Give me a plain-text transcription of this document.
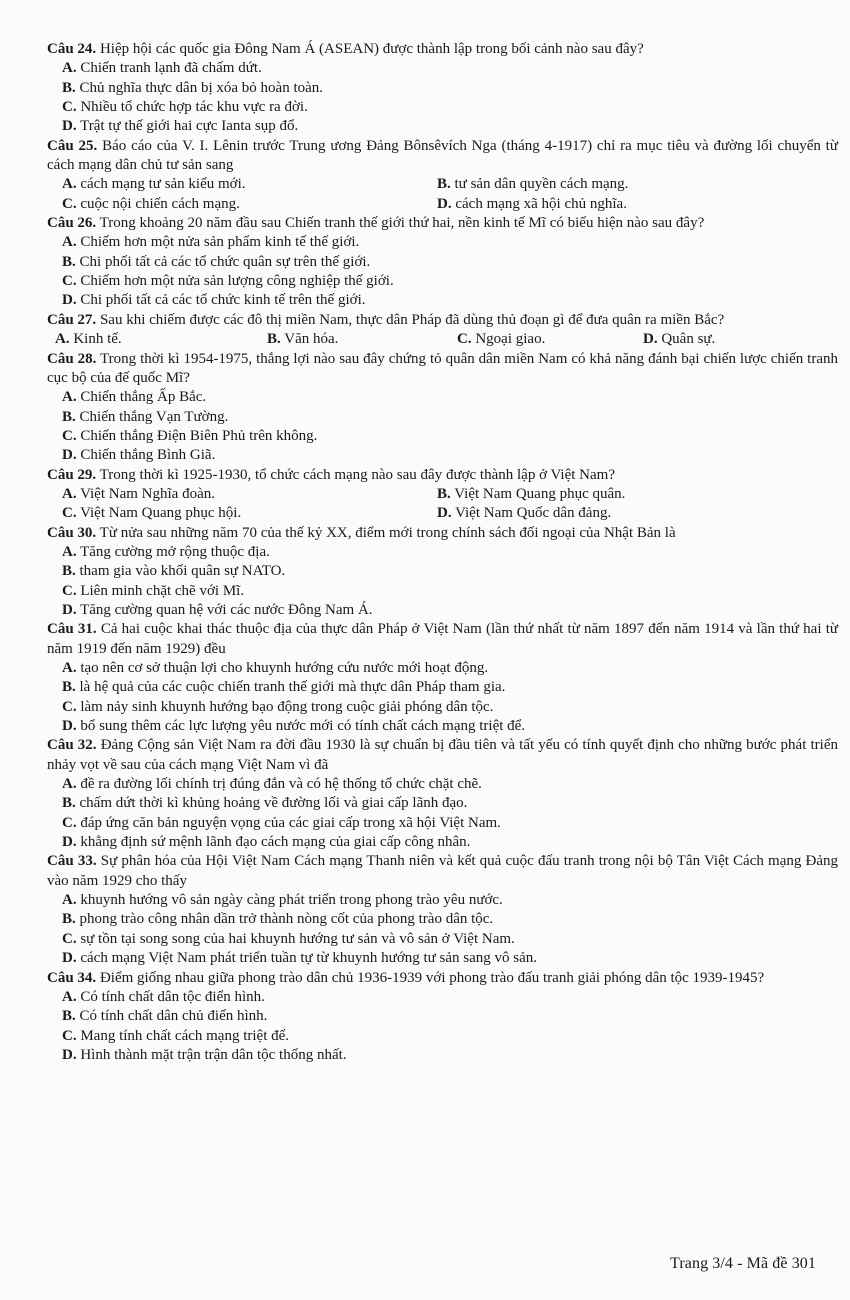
Câu 24. Hiệp hội các quốc gia Đông Nam Á (ASEAN) được thành lập trong bối cảnh nào sau đây?

A. Chiến tranh lạnh đã chấm dứt.

B. Chủ nghĩa thực dân bị xóa bỏ hoàn toàn.

C. Nhiều tổ chức hợp tác khu vực ra đời.

D. Trật tự thế giới hai cực Ianta sụp đổ.

Câu 25. Báo cáo của V. I. Lênin trước Trung ương Đảng Bônsêvích Nga (tháng 4-1917) chỉ ra mục tiêu và đường lối chuyển từ cách mạng dân chủ tư sản sang

A. cách mạng tư sản kiểu mới.	B. tư sản dân quyền cách mạng.
C. cuộc nội chiến cách mạng.	D. cách mạng xã hội chủ nghĩa.

Câu 26. Trong khoảng 20 năm đầu sau Chiến tranh thế giới thứ hai, nền kinh tế Mĩ có biểu hiện nào sau đây?

A. Chiếm hơn một nửa sản phẩm kinh tế thế giới.

B. Chi phối tất cả các tổ chức quân sự trên thế giới.

C. Chiếm hơn một nửa sản lượng công nghiệp thế giới.

D. Chi phối tất cả các tổ chức kinh tế trên thế giới.

Câu 27. Sau khi chiếm được các đô thị miền Nam, thực dân Pháp đã dùng thủ đoạn gì để đưa quân ra miền Bắc?

A. Kinh tế.	B. Văn hóa.	C. Ngoại giao.	D. Quân sự.

Câu 28. Trong thời kì 1954-1975, thắng lợi nào sau đây chứng tỏ quân dân miền Nam có khả năng đánh bại chiến lược chiến tranh cục bộ của đế quốc Mĩ?

A. Chiến thắng Ấp Bắc.

B. Chiến thắng Vạn Tường.

C. Chiến thắng Điện Biên Phủ trên không.

D. Chiến thắng Bình Giã.

Câu 29. Trong thời kì 1925-1930, tổ chức cách mạng nào sau đây được thành lập ở Việt Nam?

A. Việt Nam Nghĩa đoàn.	B. Việt Nam Quang phục quân.
C. Việt Nam Quang phục hội.	D. Việt Nam Quốc dân đảng.

Câu 30. Từ nửa sau những năm 70 của thế kỷ XX, điểm mới trong chính sách đối ngoại của Nhật Bản là

A. Tăng cường mở rộng thuộc địa.

B. tham gia vào khối quân sự NATO.

C. Liên minh chặt chẽ với Mĩ.

D. Tăng cường quan hệ với các nước Đông Nam Á.

Câu 31. Cả hai cuộc khai thác thuộc địa của thực dân Pháp ở Việt Nam (lần thứ nhất từ năm 1897 đến năm 1914 và lần thứ hai từ năm 1919 đến năm 1929) đều

A. tạo nên cơ sở thuận lợi cho khuynh hướng cứu nước mới hoạt động.

B. là hệ quả của các cuộc chiến tranh thế giới mà thực dân Pháp tham gia.

C. làm nảy sinh khuynh hướng bạo động trong cuộc giải phóng dân tộc.

D. bổ sung thêm các lực lượng yêu nước mới có tính chất cách mạng triệt để.

Câu 32. Đảng Cộng sản Việt Nam ra đời đầu 1930 là sự chuẩn bị đầu tiên và tất yếu có tính quyết định cho những bước phát triển nhảy vọt về sau của cách mạng Việt Nam vì đã

A. đề ra đường lối chính trị đúng đắn và có hệ thống tổ chức chặt chẽ.

B. chấm dứt thời kì khủng hoảng về đường lối và giai cấp lãnh đạo.

C. đáp ứng căn bản nguyện vọng của các giai cấp trong xã hội Việt Nam.

D. khẳng định sứ mệnh lãnh đạo cách mạng của giai cấp công nhân.

Câu 33. Sự phân hóa của Hội Việt Nam Cách mạng Thanh niên và kết quả cuộc đấu tranh trong nội bộ Tân Việt Cách mạng Đảng vào năm 1929 cho thấy

A. khuynh hướng vô sản ngày càng phát triển trong phong trào yêu nước.

B. phong trào công nhân dần trở thành nòng cốt của phong trào dân tộc.

C. sự tồn tại song song của hai khuynh hướng tư sản và vô sản ở Việt Nam.

D. cách mạng Việt Nam phát triển tuần tự từ khuynh hướng tư sản sang vô sản.

Câu 34. Điểm giống nhau giữa phong trào dân chủ 1936-1939 với phong trào đấu tranh giải phóng dân tộc 1939-1945?

A. Có tính chất dân tộc điển hình.

B. Có tính chất dân chủ điển hình.

C. Mang tính chất cách mạng triệt để.

D. Hình thành mặt trận trận dân tộc thống nhất.

Trang 3/4 - Mã đề 301
